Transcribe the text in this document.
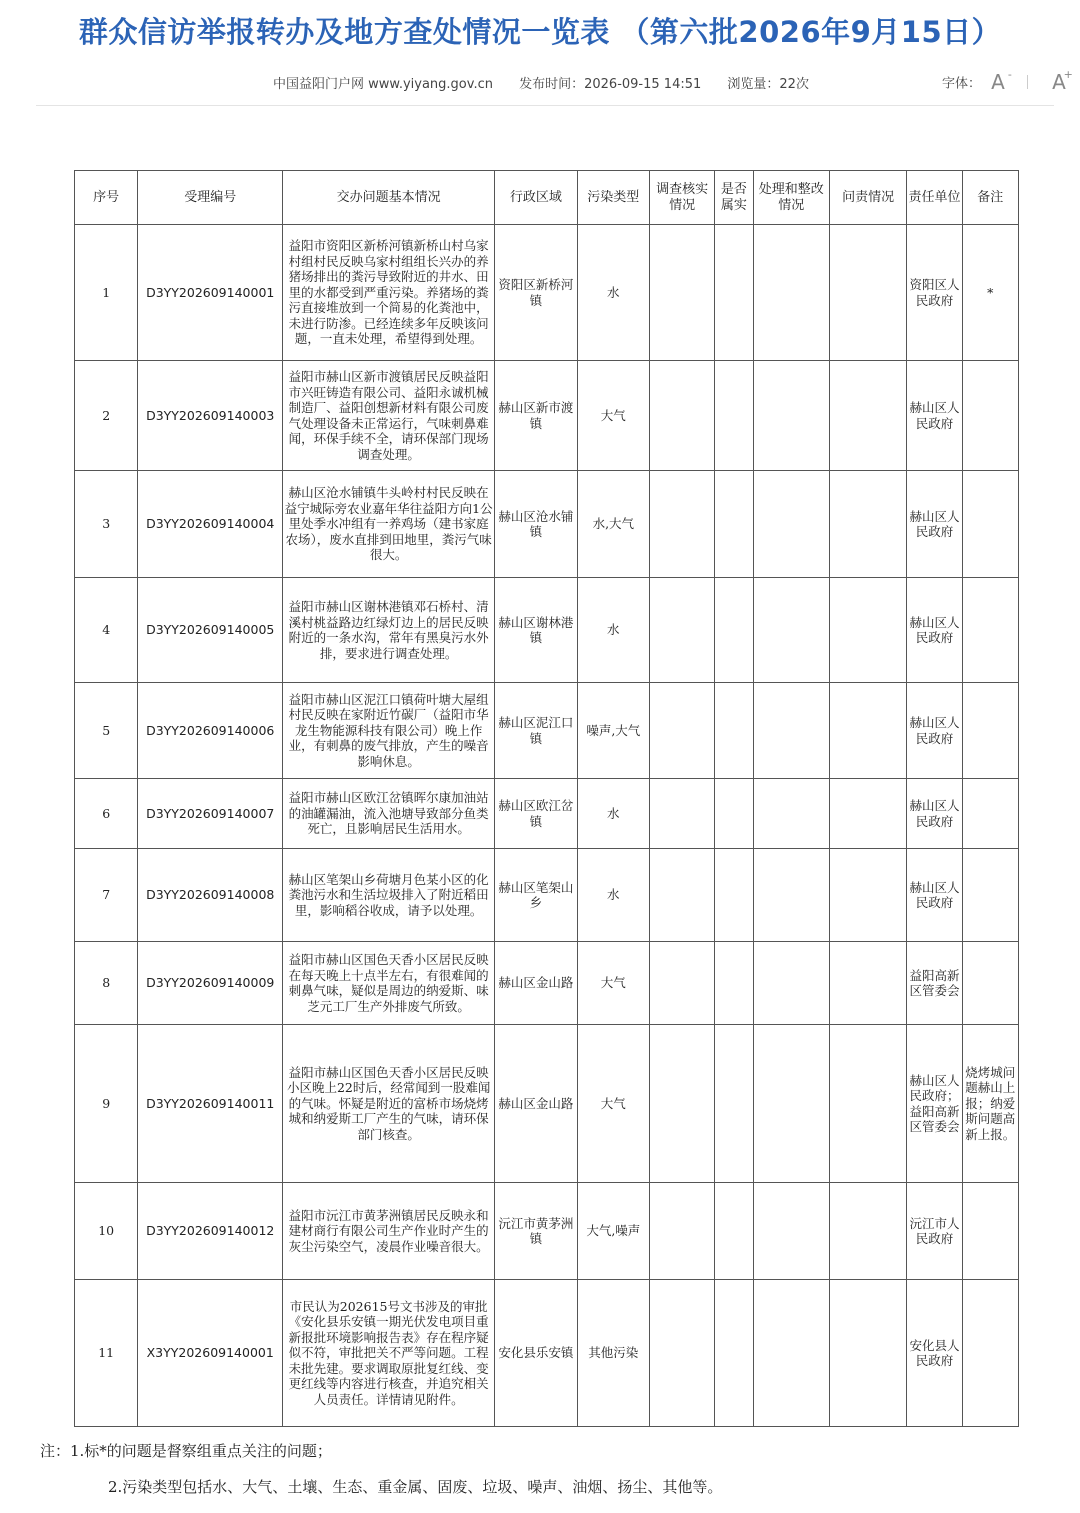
群众信访举报转办及地方查处情况一览表 （第六批2026年9月15日）
中国益阳门户网 www.yiyang.gov.cn 发布时间：2026-09-15 14:51 浏览量：22次	字体： A - A
+
序号	受理编号	交办问题基本情况	行政区域	污染类型	调查核实情况	是否属实	处理和整改情况	问责情况	责任单位	备注
1	D3YY202609140001	益阳市资阳区新桥河镇新桥山村乌家村组村民反映乌家村组组长兴办的养猪场排出的粪污导致附近的井水、田里的水都受到严重污染。养猪场的粪污直接堆放到一个简易的化粪池中，未进行防渗。已经连续多年反映该问题，一直未处理，希望得到处理。	资阳区新桥河镇	水					资阳区人民政府	*
2	D3YY202609140003	益阳市赫山区新市渡镇居民反映益阳市兴旺铸造有限公司、益阳永诚机械制造厂、益阳创想新材料有限公司废气处理设备未正常运行，气味刺鼻难闻，环保手续不全，请环保部门现场调查处理。	赫山区新市渡镇	大气					赫山区人民政府	
3	D3YY202609140004	赫山区沧水铺镇牛头岭村村民反映在益宁城际旁农业嘉年华往益阳方向1公里处季水冲组有一养鸡场（建书家庭农场），废水直排到田地里，粪污气味很大。	赫山区沧水铺镇	水,大气					赫山区人民政府	
4	D3YY202609140005	益阳市赫山区谢林港镇邓石桥村、清溪村桃益路边红绿灯边上的居民反映附近的一条水沟，常年有黑臭污水外排，要求进行调查处理。	赫山区谢林港镇	水					赫山区人民政府	
5	D3YY202609140006	益阳市赫山区泥江口镇荷叶塘大屋组村民反映在家附近竹碳厂（益阳市华龙生物能源科技有限公司）晚上作业，有刺鼻的废气排放，产生的噪音影响休息。	赫山区泥江口镇	噪声,大气					赫山区人民政府	
6	D3YY202609140007	益阳市赫山区欧江岔镇晖尔康加油站的油罐漏油，流入池塘导致部分鱼类死亡，且影响居民生活用水。	赫山区欧江岔镇	水					赫山区人民政府	
7	D3YY202609140008	赫山区笔架山乡荷塘月色某小区的化粪池污水和生活垃圾排入了附近稻田里，影响稻谷收成，请予以处理。	赫山区笔架山乡	水					赫山区人民政府	
8	D3YY202609140009	益阳市赫山区国色天香小区居民反映在每天晚上十点半左右，有很难闻的刺鼻气味，疑似是周边的纳爱斯、味芝元工厂生产外排废气所致。	赫山区金山路	大气					益阳高新区管委会	
9	D3YY202609140011	益阳市赫山区国色天香小区居民反映小区晚上22时后，经常闻到一股难闻的气味。怀疑是附近的富桥市场烧烤城和纳爱斯工厂产生的气味，请环保部门核查。	赫山区金山路	大气					赫山区人民政府；益阳高新区管委会	烧烤城问题赫山上报；纳爱斯问题高新上报。
10	D3YY202609140012	益阳市沅江市黄茅洲镇居民反映永和建材商行有限公司生产作业时产生的灰尘污染空气，凌晨作业噪音很大。	沅江市黄茅洲镇	大气,噪声					沅江市人民政府	
11	X3YY202609140001	市民认为202615号文书涉及的审批《安化县乐安镇一期光伏发电项目重新报批环境影响报告表》存在程序疑似不符，审批把关不严等问题。工程未批先建。要求调取原批复红线、变更红线等内容进行核查，并追究相关人员责任。详情请见附件。	安化县乐安镇	其他污染					安化县人民政府	
注：1.标*的问题是督察组重点关注的问题；
2.污染类型包括水、大气、土壤、生态、重金属、固废、垃圾、噪声、油烟、扬尘、其他等。
